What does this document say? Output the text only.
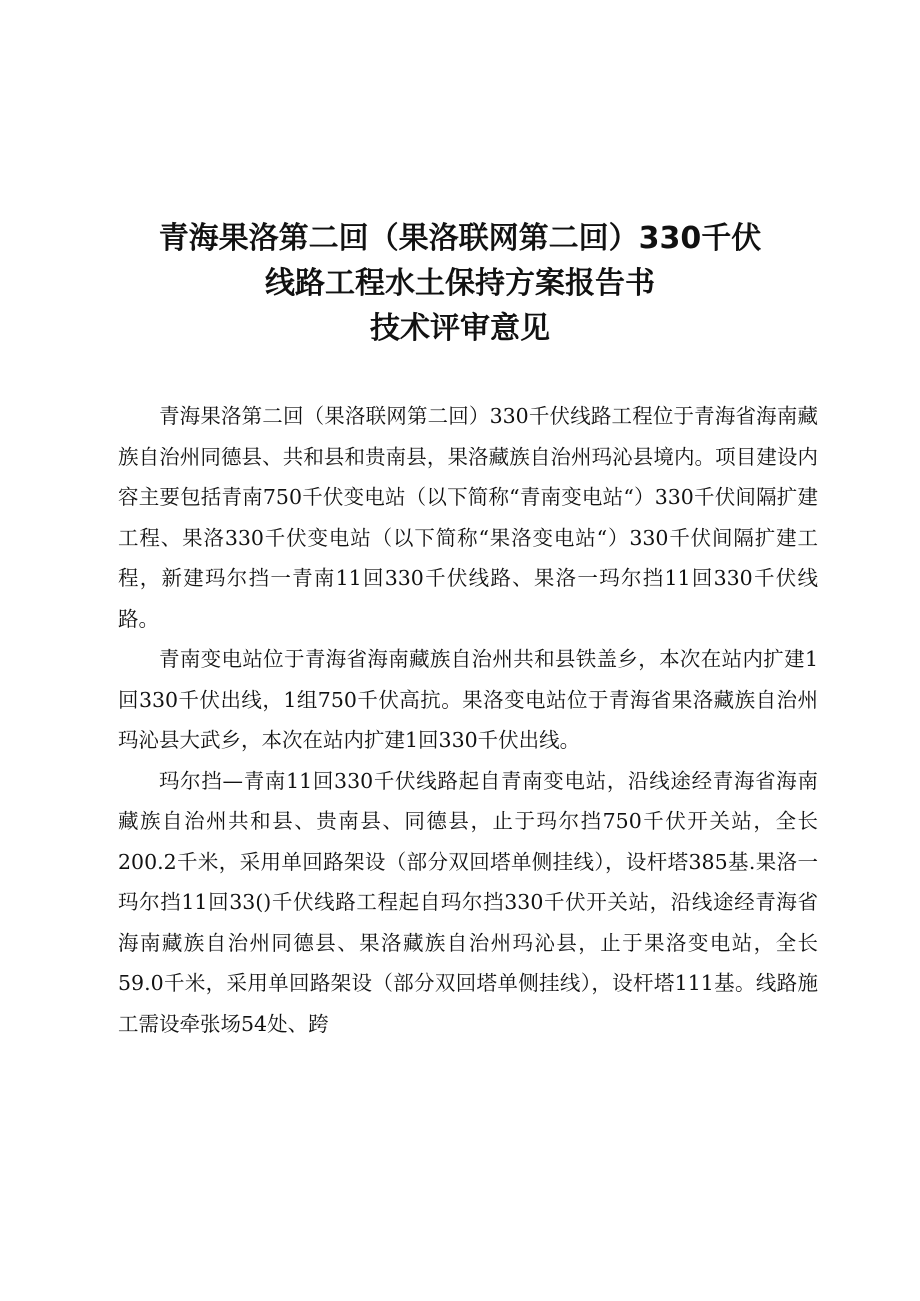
青海果洛第二回（果洛联网第二回）330千伏
线路工程水土保持方案报告书
技术评审意见

青海果洛第二回（果洛联网第二回）330千伏线路工程位于青海省海南藏族自治州同德县、共和县和贵南县，果洛藏族自治州玛沁县境内。项目建设内容主要包括青南750千伏变电站（以下简称“青南变电站“）330千伏间隔扩建工程、果洛330千伏变电站（以下简称“果洛变电站“）330千伏间隔扩建工程，新建玛尔挡一青南11回330千伏线路、果洛一玛尔挡11回330千伏线路。

青南变电站位于青海省海南藏族自治州共和县铁盖乡，本次在站内扩建1回330千伏出线，1组750千伏高抗。果洛变电站位于青海省果洛藏族自治州玛沁县大武乡，本次在站内扩建1回330千伏出线。

玛尔挡—青南11回330千伏线路起自青南变电站，沿线途经青海省海南藏族自治州共和县、贵南县、同德县，止于玛尔挡750千伏开关站，全长200.2千米，采用单回路架设（部分双回塔单侧挂线），设杆塔385基.果洛一玛尔挡11回33()千伏线路工程起自玛尔挡330千伏开关站，沿线途经青海省海南藏族自治州同德县、果洛藏族自治州玛沁县，止于果洛变电站，全长59.0千米，采用单回路架设（部分双回塔单侧挂线），设杆塔111基。线路施工需设牵张场54处、跨
